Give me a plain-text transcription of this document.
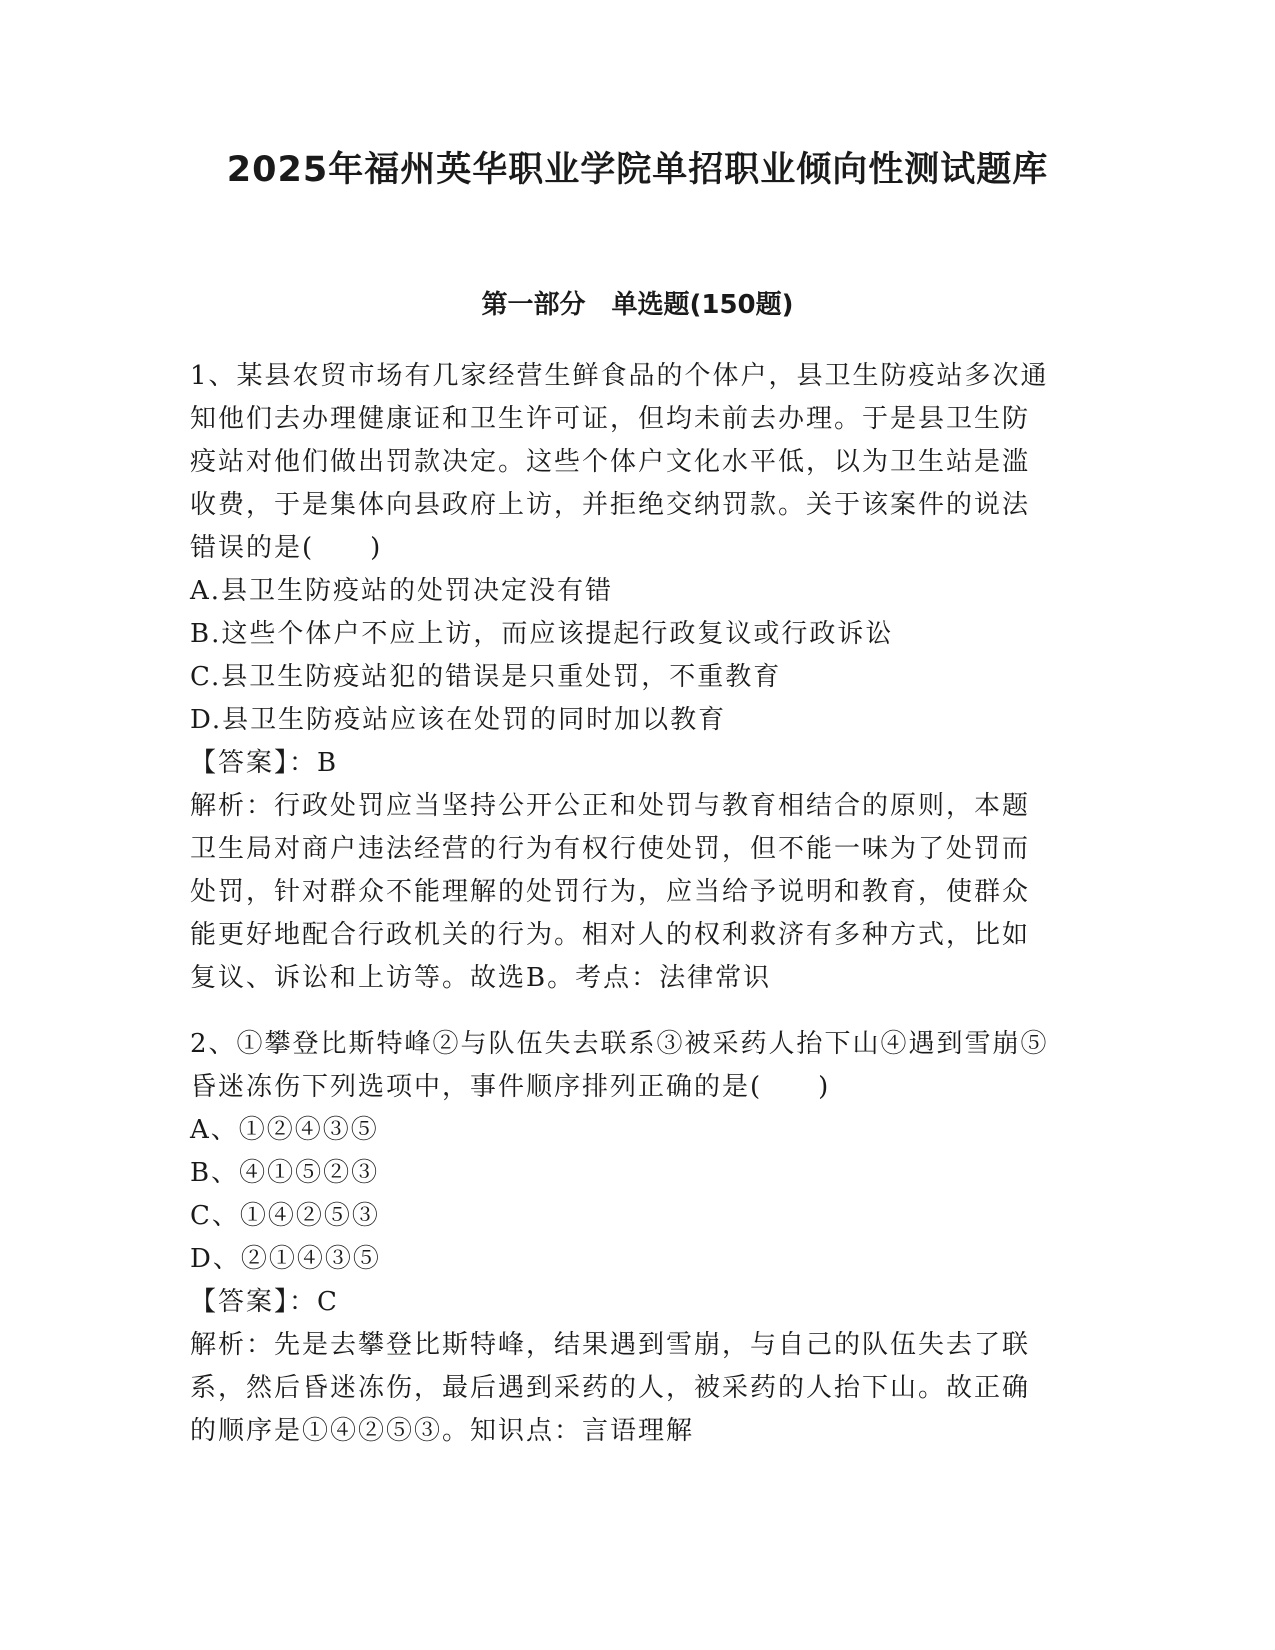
2025年福州英华职业学院单招职业倾向性测试题库
第一部分　单选题(150题)
1、某县农贸市场有几家经营生鲜食品的个体户，县卫生防疫站多次通
知他们去办理健康证和卫生许可证，但均未前去办理。于是县卫生防
疫站对他们做出罚款决定。这些个体户文化水平低，以为卫生站是滥
收费，于是集体向县政府上访，并拒绝交纳罚款。关于该案件的说法
错误的是(　　)
A.县卫生防疫站的处罚决定没有错
B.这些个体户不应上访，而应该提起行政复议或行政诉讼
C.县卫生防疫站犯的错误是只重处罚，不重教育
D.县卫生防疫站应该在处罚的同时加以教育
【答案】：B
解析：行政处罚应当坚持公开公正和处罚与教育相结合的原则，本题
卫生局对商户违法经营的行为有权行使处罚，但不能一味为了处罚而
处罚，针对群众不能理解的处罚行为，应当给予说明和教育，使群众
能更好地配合行政机关的行为。相对人的权利救济有多种方式，比如
复议、诉讼和上访等。故选B。考点：法律常识
2、①攀登比斯特峰②与队伍失去联系③被采药人抬下山④遇到雪崩⑤
昏迷冻伤下列选项中，事件顺序排列正确的是(　　)
A、①②④③⑤
B、④①⑤②③
C、①④②⑤③
D、②①④③⑤
【答案】：C
解析：先是去攀登比斯特峰，结果遇到雪崩，与自己的队伍失去了联
系，然后昏迷冻伤，最后遇到采药的人，被采药的人抬下山。故正确
的顺序是①④②⑤③。知识点：言语理解
